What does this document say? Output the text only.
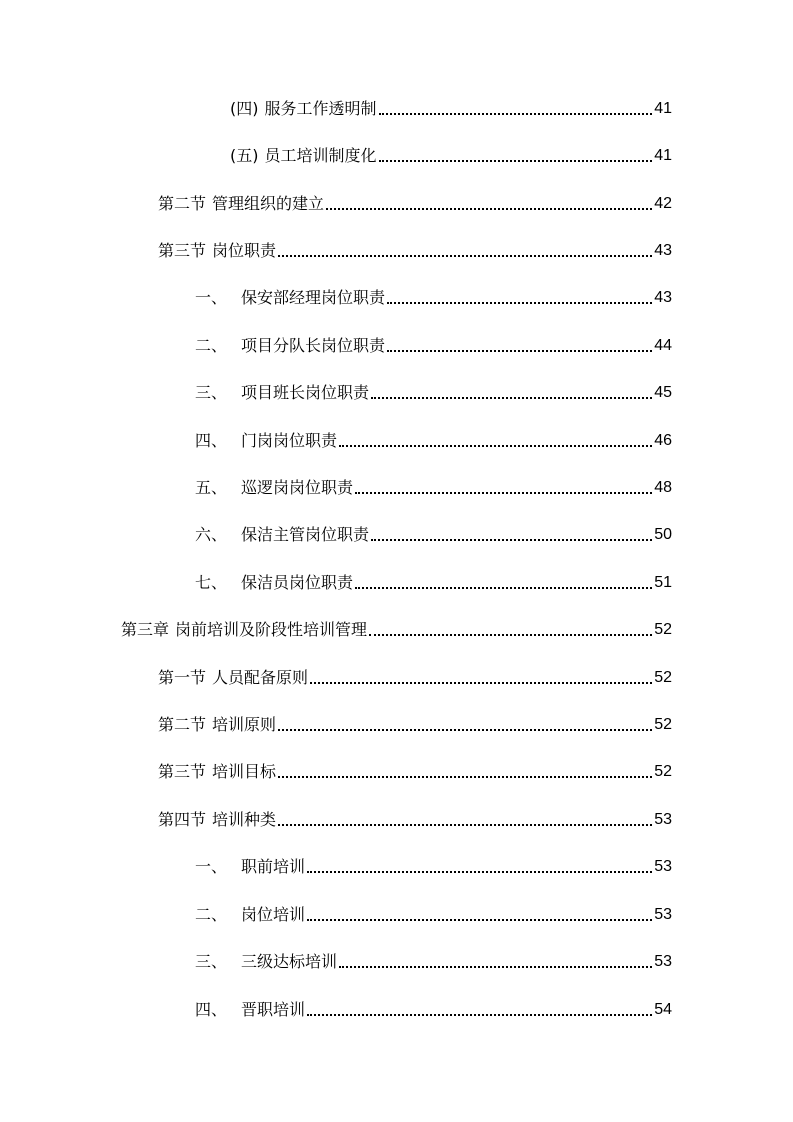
(四) 服务工作透明制	41
(五) 员工培训制度化	41
第二节 管理组织的建立	42
第三节 岗位职责	43
一、 保安部经理岗位职责	43
二、 项目分队长岗位职责	44
三、 项目班长岗位职责	45
四、 门岗岗位职责	46
五、 巡逻岗岗位职责	48
六、 保洁主管岗位职责	50
七、 保洁员岗位职责	51
第三章 岗前培训及阶段性培训管理	52
第一节 人员配备原则	52
第二节 培训原则	52
第三节 培训目标	52
第四节 培训种类	53
一、 职前培训	53
二、 岗位培训	53
三、 三级达标培训	53
四、 晋职培训	54
